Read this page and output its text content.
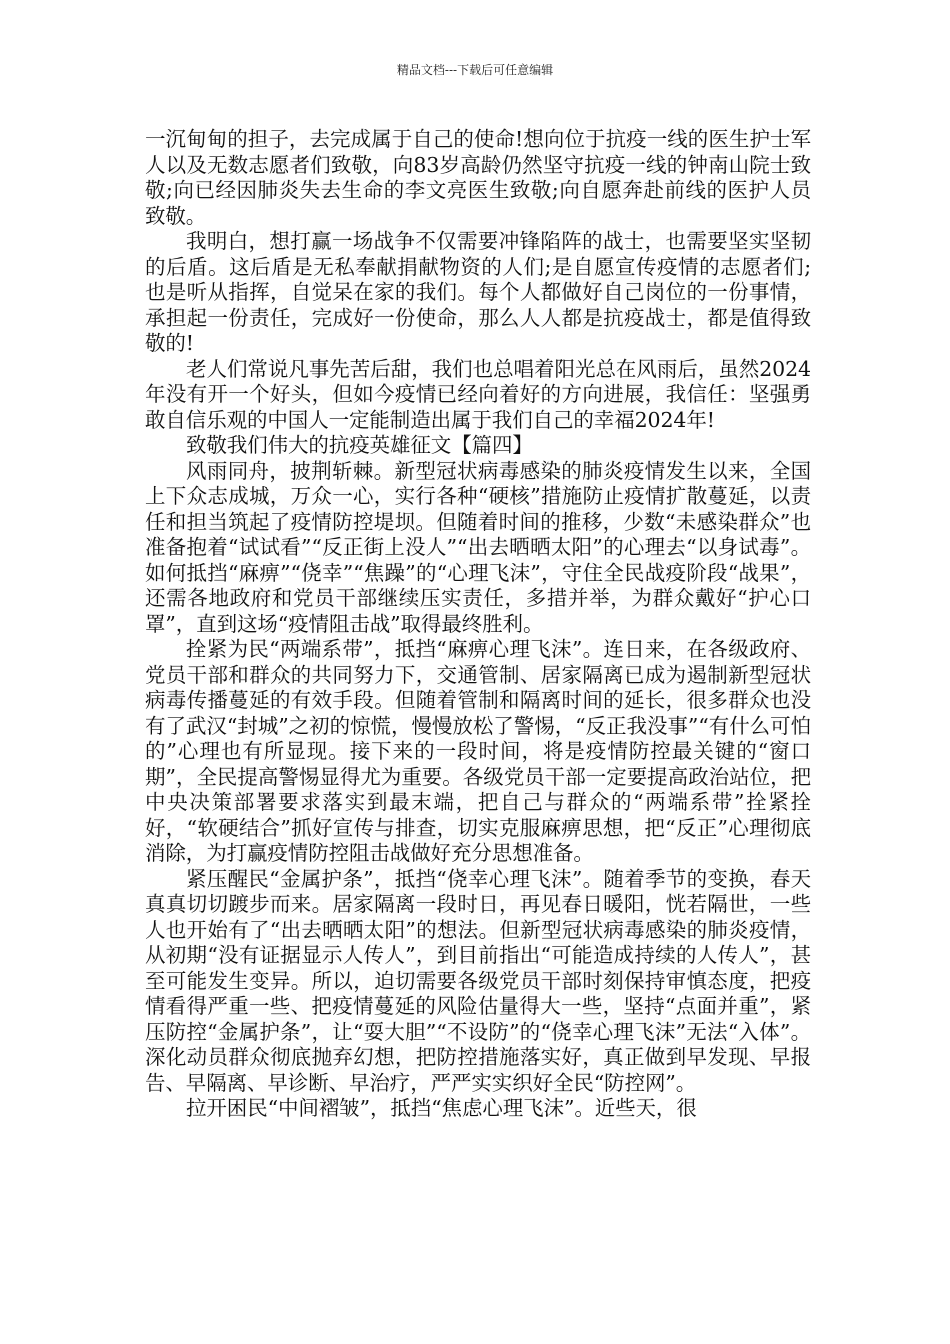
精品文档---下载后可任意编辑

一沉甸甸的担子，去完成属于自己的使命!想向位于抗疫一线的医生护士军人以及无数志愿者们致敬，向83岁高龄仍然坚守抗疫一线的钟南山院士致敬;向已经因肺炎失去生命的李文亮医生致敬;向自愿奔赴前线的医护人员致敬。

我明白，想打赢一场战争不仅需要冲锋陷阵的战士，也需要坚实坚韧的后盾。这后盾是无私奉献捐献物资的人们;是自愿宣传疫情的志愿者们;也是听从指挥，自觉呆在家的我们。每个人都做好自己岗位的一份事情，承担起一份责任，完成好一份使命，那么人人都是抗疫战士，都是值得致敬的!

老人们常说凡事先苦后甜，我们也总唱着阳光总在风雨后，虽然2024年没有开一个好头，但如今疫情已经向着好的方向进展，我信任：坚强勇敢自信乐观的中国人一定能制造出属于我们自己的幸福2024年!

致敬我们伟大的抗疫英雄征文【篇四】

风雨同舟，披荆斩棘。新型冠状病毒感染的肺炎疫情发生以来，全国上下众志成城，万众一心，实行各种“硬核”措施防止疫情扩散蔓延，以责任和担当筑起了疫情防控堤坝。但随着时间的推移，少数“未感染群众”也准备抱着“试试看”“反正街上没人”“出去晒晒太阳”的心理去“以身试毒”。如何抵挡“麻痹”“侥幸”“焦躁”的“心理飞沫”，守住全民战疫阶段“战果”，还需各地政府和党员干部继续压实责任，多措并举，为群众戴好“护心口罩”，直到这场“疫情阻击战”取得最终胜利。

拴紧为民“两端系带”，抵挡“麻痹心理飞沫”。连日来，在各级政府、党员干部和群众的共同努力下，交通管制、居家隔离已成为遏制新型冠状病毒传播蔓延的有效手段。但随着管制和隔离时间的延长，很多群众也没有了武汉“封城”之初的惊慌，慢慢放松了警惕，“反正我没事”“有什么可怕的”心理也有所显现。接下来的一段时间，将是疫情防控最关键的“窗口期”，全民提高警惕显得尤为重要。各级党员干部一定要提高政治站位，把中央决策部署要求落实到最末端，把自己与群众的“两端系带”拴紧拴好，“软硬结合”抓好宣传与排查，切实克服麻痹思想，把“反正”心理彻底消除，为打赢疫情防控阻击战做好充分思想准备。

紧压醒民“金属护条”，抵挡“侥幸心理飞沫”。随着季节的变换，春天真真切切踱步而来。居家隔离一段时日，再见春日暖阳，恍若隔世，一些人也开始有了“出去晒晒太阳”的想法。但新型冠状病毒感染的肺炎疫情，从初期“没有证据显示人传人”，到目前指出“可能造成持续的人传人”，甚至可能发生变异。所以，迫切需要各级党员干部时刻保持审慎态度，把疫情看得严重一些、把疫情蔓延的风险估量得大一些，坚持“点面并重”，紧压防控“金属护条”，让“耍大胆”“不设防”的“侥幸心理飞沫”无法“入体”。深化动员群众彻底抛弃幻想，把防控措施落实好，真正做到早发现、早报告、早隔离、早诊断、早治疗，严严实实织好全民“防控网”。

拉开困民“中间褶皱”，抵挡“焦虑心理飞沫”。近些天，很
